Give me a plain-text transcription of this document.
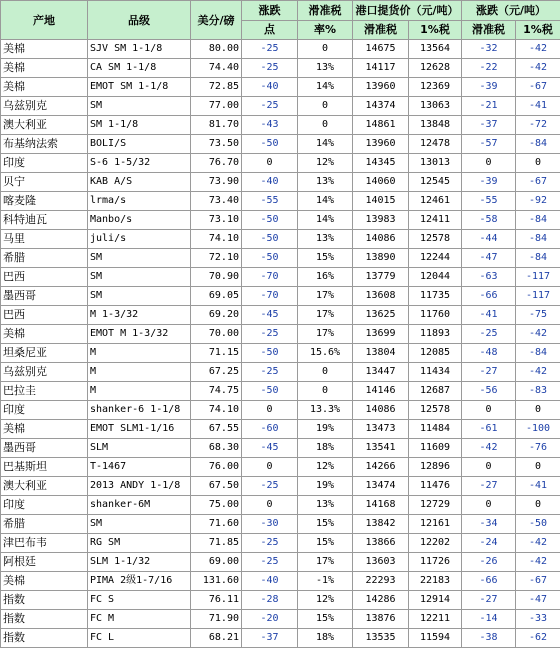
产地	品级	美分/磅	涨跌	滑准税	港口提货价（元/吨）		涨跌（元/吨）	
			点	率%	滑准税	1%税	滑准税	1%税
美棉	SJV SM 1-1/8	80.00	-25	0	14675	13564	-32	-42
美棉	CA SM 1-1/8	74.40	-25	13%	14117	12628	-22	-42
美棉	EMOT SM 1-1/8	72.85	-40	14%	13960	12369	-39	-67
乌兹别克	SM	77.00	-25	0	14374	13063	-21	-41
澳大利亚	SM 1-1/8	81.70	-43	0	14861	13848	-37	-72
布基纳法索	BOLI/S	73.50	-50	14%	13960	12478	-57	-84
印度	S-6 1-5/32	76.70	0	12%	14345	13013	0	0
贝宁	KAB A/S	73.90	-40	13%	14060	12545	-39	-67
喀麦隆	lrma/s	73.40	-55	14%	14015	12461	-55	-92
科特迪瓦	Manbo/s	73.10	-50	14%	13983	12411	-58	-84
马里	juli/s	74.10	-50	13%	14086	12578	-44	-84
希腊	SM	72.10	-50	15%	13890	12244	-47	-84
巴西	SM	70.90	-70	16%	13779	12044	-63	-117
墨西哥	SM	69.05	-70	17%	13608	11735	-66	-117
巴西	M 1-3/32	69.20	-45	17%	13625	11760	-41	-75
美棉	EMOT M 1-3/32	70.00	-25	17%	13699	11893	-25	-42
坦桑尼亚	M	71.15	-50	15.6%	13804	12085	-48	-84
乌兹别克	M	67.25	-25	0	13447	11434	-27	-42
巴拉圭	M	74.75	-50	0	14146	12687	-56	-83
印度	shanker-6 1-1/8	74.10	0	13.3%	14086	12578	0	0
美棉	EMOT SLM1-1/16	67.55	-60	19%	13473	11484	-61	-100
墨西哥	SLM	68.30	-45	18%	13541	11609	-42	-76
巴基斯坦	T-1467	76.00	0	12%	14266	12896	0	0
澳大利亚	2013 ANDY 1-1/8	67.50	-25	19%	13474	11476	-27	-41
印度	shanker-6M	75.00	0	13%	14168	12729	0	0
希腊	SM	71.60	-30	15%	13842	12161	-34	-50
津巴布韦	RG SM	71.85	-25	15%	13866	12202	-24	-42
阿根廷	SLM 1-1/32	69.00	-25	17%	13603	11726	-26	-42
美棉	PIMA 2级1-7/16	131.60	-40	-1%	22293	22183	-66	-67
指数	FC S	76.11	-28	12%	14286	12914	-27	-47
指数	FC M	71.90	-20	15%	13876	12211	-14	-33
指数	FC L	68.21	-37	18%	13535	11594	-38	-62
